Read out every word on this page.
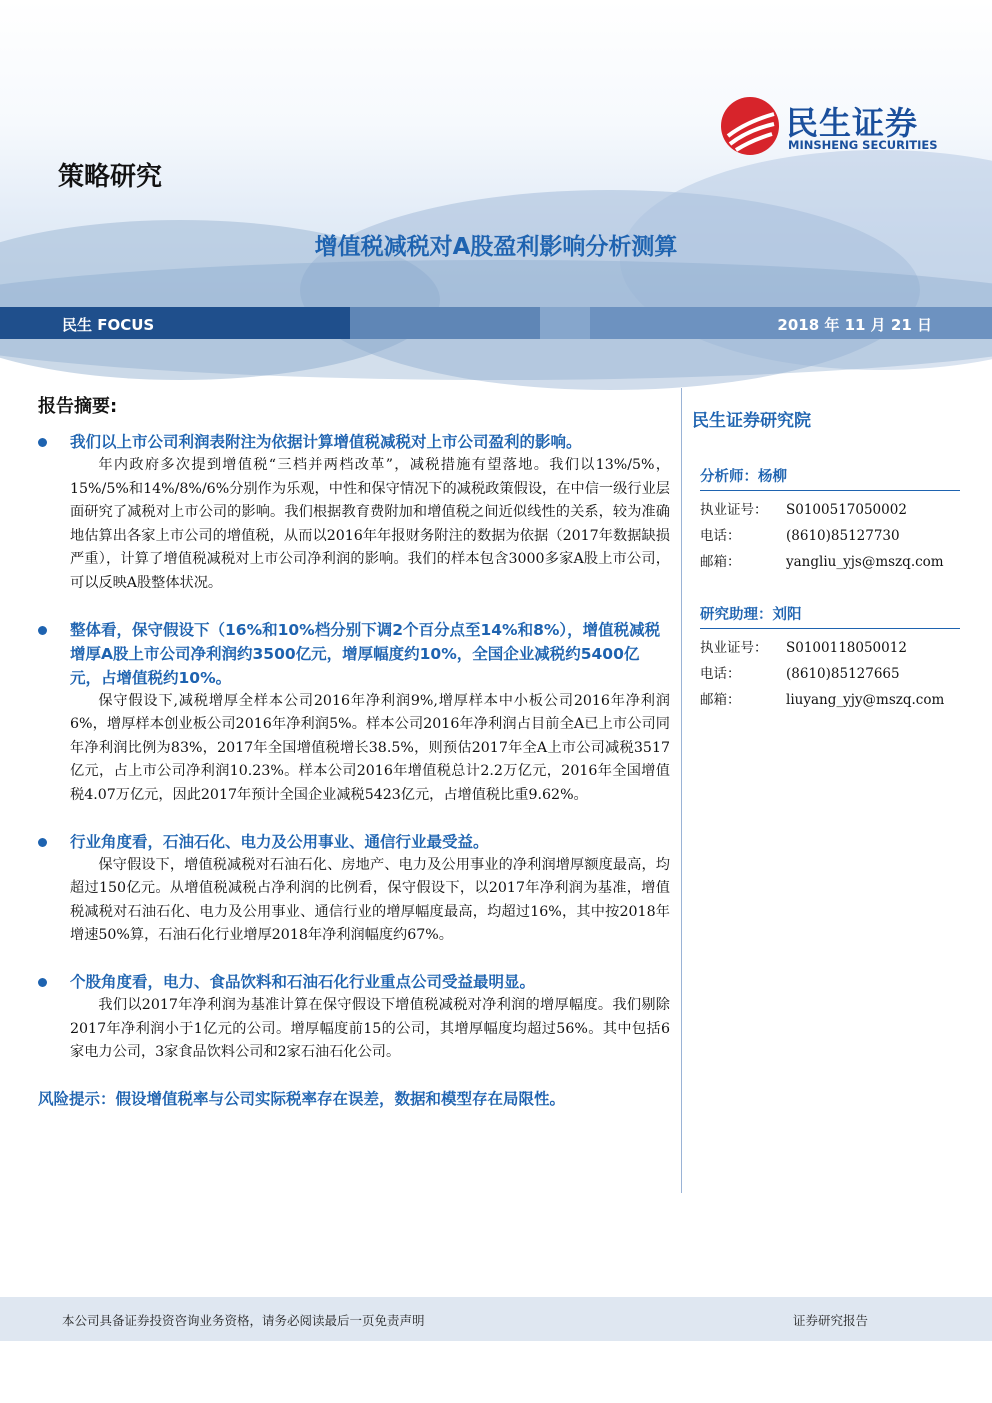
策略研究
民生证券
MINSHENG SECURITIES
增值税减税对A股盈利影响分析测算
民生 FOCUS	2018 年 11 月 21 日
报告摘要:
我们以上市公司利润表附注为依据计算增值税减税对上市公司盈利的影响。
年内政府多次提到增值税“三档并两档改革”，减税措施有望落地。我们以13%/5%，15%/5%和14%/8%/6%分别作为乐观，中性和保守情况下的减税政策假设，在中信一级行业层面研究了减税对上市公司的影响。我们根据教育费附加和增值税之间近似线性的关系，较为准确地估算出各家上市公司的增值税，从而以2016年年报财务附注的数据为依据（2017年数据缺损严重），计算了增值税减税对上市公司净利润的影响。我们的样本包含3000多家A股上市公司，可以反映A股整体状况。
整体看，保守假设下（16%和10%档分别下调2个百分点至14%和8%），增值税减税增厚A股上市公司净利润约3500亿元，增厚幅度约10%，全国企业减税约5400亿元，占增值税约10%。
保守假设下,减税增厚全样本公司2016年净利润9%,增厚样本中小板公司2016年净利润6%，增厚样本创业板公司2016年净利润5%。样本公司2016年净利润占目前全A已上市公司同年净利润比例为83%，2017年全国增值税增长38.5%，则预估2017年全A上市公司减税3517亿元，占上市公司净利润10.23%。样本公司2016年增值税总计2.2万亿元，2016年全国增值税4.07万亿元，因此2017年预计全国企业减税5423亿元，占增值税比重9.62%。
行业角度看，石油石化、电力及公用事业、通信行业最受益。
保守假设下，增值税减税对石油石化、房地产、电力及公用事业的净利润增厚额度最高，均超过150亿元。从增值税减税占净利润的比例看，保守假设下，以2017年净利润为基准，增值税减税对石油石化、电力及公用事业、通信行业的增厚幅度最高，均超过16%，其中按2018年增速50%算，石油石化行业增厚2018年净利润幅度约67%。
个股角度看，电力、食品饮料和石油石化行业重点公司受益最明显。
我们以2017年净利润为基准计算在保守假设下增值税减税对净利润的增厚幅度。我们剔除2017年净利润小于1亿元的公司。增厚幅度前15的公司，其增厚幅度均超过56%。其中包括6家电力公司，3家食品饮料公司和2家石油石化公司。
风险提示：假设增值税率与公司实际税率存在误差，数据和模型存在局限性。
民生证券研究院
分析师：杨柳
执业证号：	S0100517050002
电话：	(8610)85127730
邮箱：	yangliu_yjs@mszq.com
研究助理：刘阳
执业证号：	S0100118050012
电话：	(8610)85127665
邮箱：	liuyang_yjy@mszq.com
本公司具备证券投资咨询业务资格，请务必阅读最后一页免责声明	证券研究报告
